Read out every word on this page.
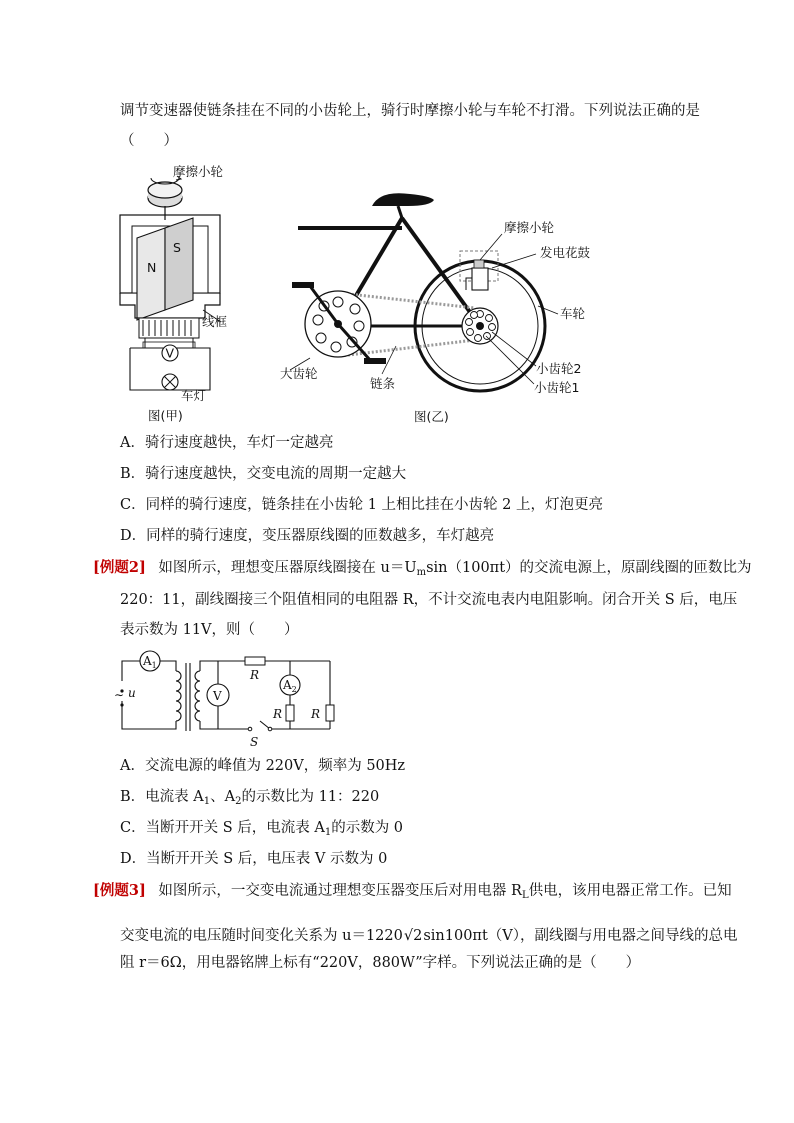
调节变速器使链条挂在不同的小齿轮上，骑行时摩擦小轮与车轮不打滑。下列说法正确的是
（　　）
摩擦小轮
N
S
线框
V
车灯
图(甲)
摩擦小轮
发电花鼓
车轮
小齿轮2
小齿轮1
大齿轮
链条
图(乙)
A．骑行速度越快，车灯一定越亮
B．骑行速度越快，交变电流的周期一定越大
C．同样的骑行速度，链条挂在小齿轮 1 上相比挂在小齿轮 2 上，灯泡更亮
D．同样的骑行速度，变压器原线圈的匝数越多，车灯越亮
[例题2] 如图所示，理想变压器原线圈接在 $u=U_m\sin(100\pi t)$的交流电源上，原副线圈的匝数比为
220：11，副线圈接三个阻值相同的电阻器 R，不计交流电表内电阻影响。闭合开关 S 后，电压
表示数为 11V，则（　　）
∼ u
$A_1$
R
V
$A_2$
R R
S
A．交流电源的峰值为 220V，频率为 50Hz
B．电流表 $A_1$、$A_2$的示数比为 11：220
C．当断开开关 S 后，电流表 $A_1$的示数为 0
D．当断开开关 S 后，电压表 V 示数为 0
[例题3] 如图所示，一交变电流通过理想变压器变压后对用电器 $R_L$供电，该用电器正常工作。已知
交变电流的电压随时间变化关系为 u＝1220√2sin100πt（V），副线圈与用电器之间导线的总电
阻 r＝6Ω，用电器铭牌上标有“220V，880W”字样。下列说法正确的是（　　）
